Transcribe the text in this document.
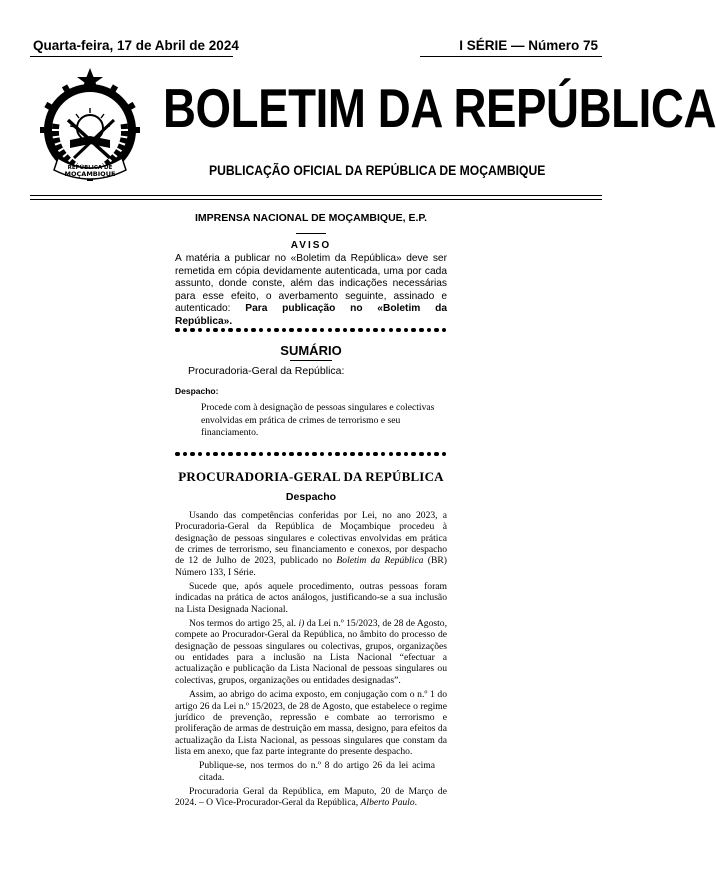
Quarta-feira, 17 de Abril de 2024	I SÉRIE — Número 75
REPÚBLICA DE
MOÇAMBIQUE
BOLETIM DA REPÚBLICA
PUBLICAÇÃO OFICIAL DA REPÚBLICA DE MOÇAMBIQUE
IMPRENSA NACIONAL DE MOÇAMBIQUE, E.P.
AVISO
A matéria a publicar no «Boletim da República» deve ser remetida em cópia devidamente autenticada, uma por cada assunto, donde conste, além das indicações necessárias para esse efeito, o averbamento seguinte, assinado e autenticado: Para publicação no «Boletim da República».
SUMÁRIO
Procuradoria-Geral da República:
Despacho:
Procede com à designação de pessoas singulares e colectivas envolvidas em prática de crimes de terrorismo e seu financiamento.
PROCURADORIA-GERAL DA REPÚBLICA
Despacho

Usando das competências conferidas por Lei, no ano 2023, a Procuradoria-Geral da República de Moçambique procedeu à designação de pessoas singulares e colectivas envolvidas em prática de crimes de terrorismo, seu financiamento e conexos, por despacho de 12 de Julho de 2023, publicado no Boletim da República (BR) Número 133, I Série.

Sucede que, após aquele procedimento, outras pessoas foram indicadas na prática de actos análogos, justificando-se a sua inclusão na Lista Designada Nacional.

Nos termos do artigo 25, al. i) da Lei n.º 15/2023, de 28 de Agosto, compete ao Procurador-Geral da República, no âmbito do processo de designação de pessoas singulares ou colectivas, grupos, organizações ou entidades para a inclusão na Lista Nacional “efectuar a actualização e publicação da Lista Nacional de pessoas singulares ou colectivas, grupos, organizações ou entidades designadas”.

Assim, ao abrigo do acima exposto, em conjugação com o n.º 1 do artigo 26 da Lei n.º 15/2023, de 28 de Agosto, que estabelece o regime jurídico de prevenção, repressão e combate ao terrorismo e proliferação de armas de destruição em massa, designo, para efeitos da actualização da Lista Nacional, as pessoas singulares que constam da lista em anexo, que faz parte integrante do presente despacho.

Publique-se, nos termos do n.º 8 do artigo 26 da lei acima citada.

Procuradoria Geral da República, em Maputo, 20 de Março de 2024. – O Vice-Procurador-Geral da República, Alberto Paulo.
